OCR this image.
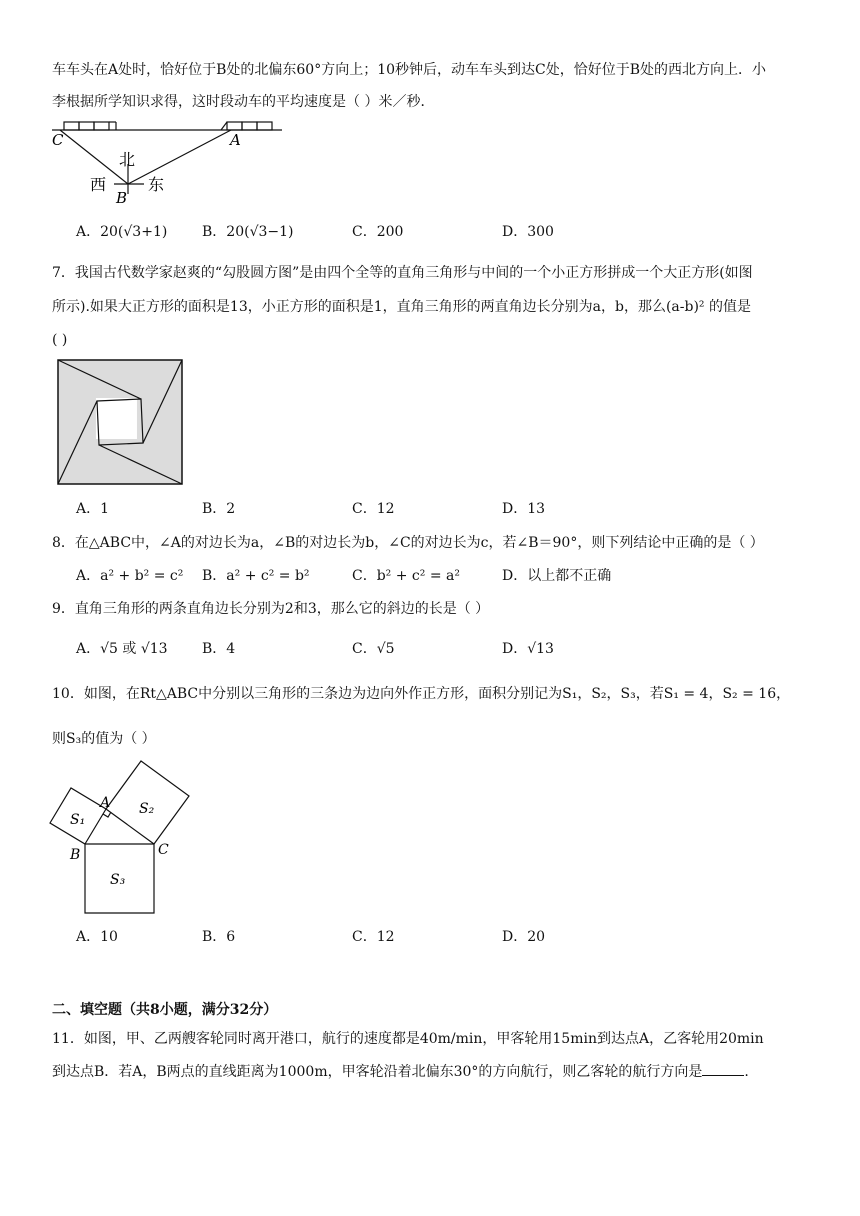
车车头在A处时，恰好位于B处的北偏东60°方向上；10秒钟后，动车车头到达C处，恰好位于B处的西北方向上．小
李根据所学知识求得，这时段动车的平均速度是（ ）米／秒．
C	A
北
西	东
B
A．20(√3+1) B．20(√3−1)	C．200	D．300
7．我国古代数学家赵爽的“勾股圆方图”是由四个全等的直角三角形与中间的一个小正方形拼成一个大正方形(如图
所示).如果大正方形的面积是13，小正方形的面积是1，直角三角形的两直角边长分别为a，b，那么(a-b)² 的值是
( )
A．1	B．2	C．12	D．13
8．在△ABC中，∠A的对边长为a，∠B的对边长为b，∠C的对边长为c，若∠B＝90°，则下列结论中正确的是（ ）
A．a² + b² = c² B．a² + c² = b²	C．b² + c² = a²	D．以上都不正确
9．直角三角形的两条直角边长分别为2和3，那么它的斜边的长是（ ）
A．√5 或 √13 B．4	C．√5	D．√13
10．如图，在Rt△ABC中分别以三角形的三条边为边向外作正方形，面积分别记为S₁，S₂，S₃，若S₁ = 4，S₂ = 16，
则S₃的值为（ ）
A
B	C
S₁
S₂
S₃
A．10	B．6	C．12	D．20
二、填空题（共8小题，满分32分）
11．如图，甲、乙两艘客轮同时离开港口，航行的速度都是40m/min，甲客轮用15min到达点A，乙客轮用20min
到达点B．若A，B两点的直线距离为1000m，甲客轮沿着北偏东30°的方向航行，则乙客轮的航行方向是	.
